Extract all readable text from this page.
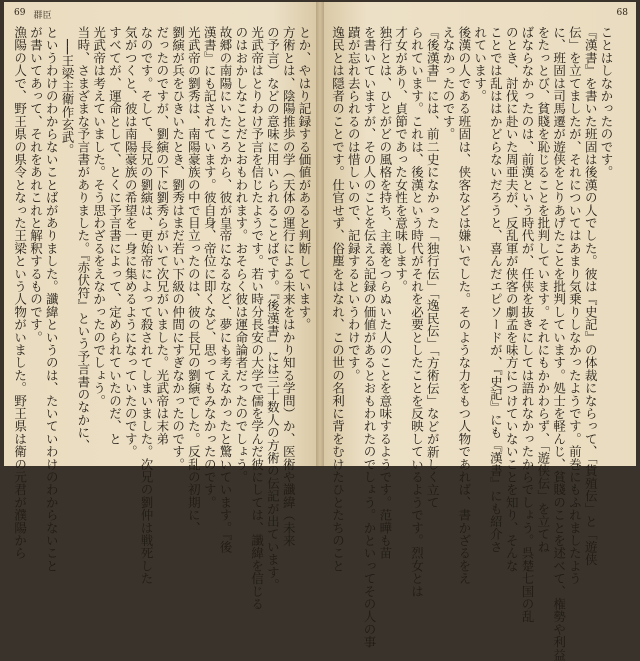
69 群臣
とか、やはり記録する価値があると判断しています。
方術とは、陰陽推歩の学（天体の運行による未来をはかり知る学問）か、医術や讖緯（未来
の予言）などの意味に用いられることばです。『後漢書』には三十数人の方術の伝記が出ています。
光武帝はとりわけ予言を信じたようです。若い時分長安の大学で儒を学んだ彼にしては、讖緯を信じる
のはおかしなことだとおもわれます。おそらく彼は運命論者だったのでしょう。
故郷の南陽にいたころから、彼が皇帝になるなど、夢にも考えなかったと驚いています。『後
漢書』にも記されています。彼自身、帝位に即くなど、思ってもみなかったのです。
光武帝の劉秀は、南陽豪族の中で目立ったのは、彼の長兄の劉縯でした。反乱の初期に、
劉縯が兵をひきいたとき、劉秀はまだ若い下級の仲間にすぎなかったのです。
だったのですが、劉縯の下に劉秀らがいて次兄がいました。光武帝は末弟
なのです。そして、長兄の劉縯は、更始帝によって殺されてしまいました。次兄の劉仲は戦死した
気がつくと、彼は南陽豪族の希望を一身に集めるようになっていたのです。
すべてが、運命として、とくに予言書によって、定められていたのだ、と
光武帝は考えていました。そう思わざるをえなかったのでしょう。
当時、さまざまな予言書がありました。『赤伏符』という予言書のなかに、
──王梁主衛作玄武。
というわけのわからないことばがありました。讖緯というのは、たいていわけのわからないこと
が書いてあって、それをあれこれと解釈するものです。
漁陽の人で、野王県の県令となった王梁という人物がいました。野王県は衛の元君が濮陽から
68
ことはしなかったのです。
『漢書』を書いた班固は後漢の人でした。彼は『史記』の体裁にならって、「貨殖伝」と「遊侠
伝」を立てましたが、それについてはあまり気乗りしなかったようです。前巻にもふれましたよう
に、班固は司馬遷が遊侠をとりあげたことを批判しています。処士を軽んじ、貧賤のことを述べて、権勢や利益
をたっとび、貧賤を恥じることを批判しています。それにもかかわらず、「遊侠伝」を立てね
ばならなかったのは、前漢という時代が、任侠を抜きにしては語れなかったからでしょう。呉楚七国の乱
のとき、討伐に赴いた周亜夫が、反乱軍が侠客の劇孟を味方につけていないことを知り、そんな
ことでは乱ははかどらないだろうと、喜んだエピソードが、『史記』にも『漢書』にも紹介さ
れています。
後漢の人である班固は、侠客などは嫌いでした。そのような力をもつ人物であれば、書かざるをえ
えなかったのです。
『後漢書』には、前二史になかった「独行伝」「逸民伝」「方術伝」などが新しく立て
られています。これは、後漢という時代がそれを必要としたことを反映しているようです。烈女とは
才女があり、貞節であった女性を意味します。
独行とは、ひとがどの風格を持ち、主義をつらぬいた人のことを意味するようです。范曄も苗
を書いていますが、その人のことを伝える記録の価値があるとおもわれたのでしょう。かといってその人の事
蹟が忘れ去られるのは惜しいので、記録するというわけです。
逸民とは隠者のことです。仕官せず、俗塵をはなれ、この世の名利に背をむけたひとたちのこと
